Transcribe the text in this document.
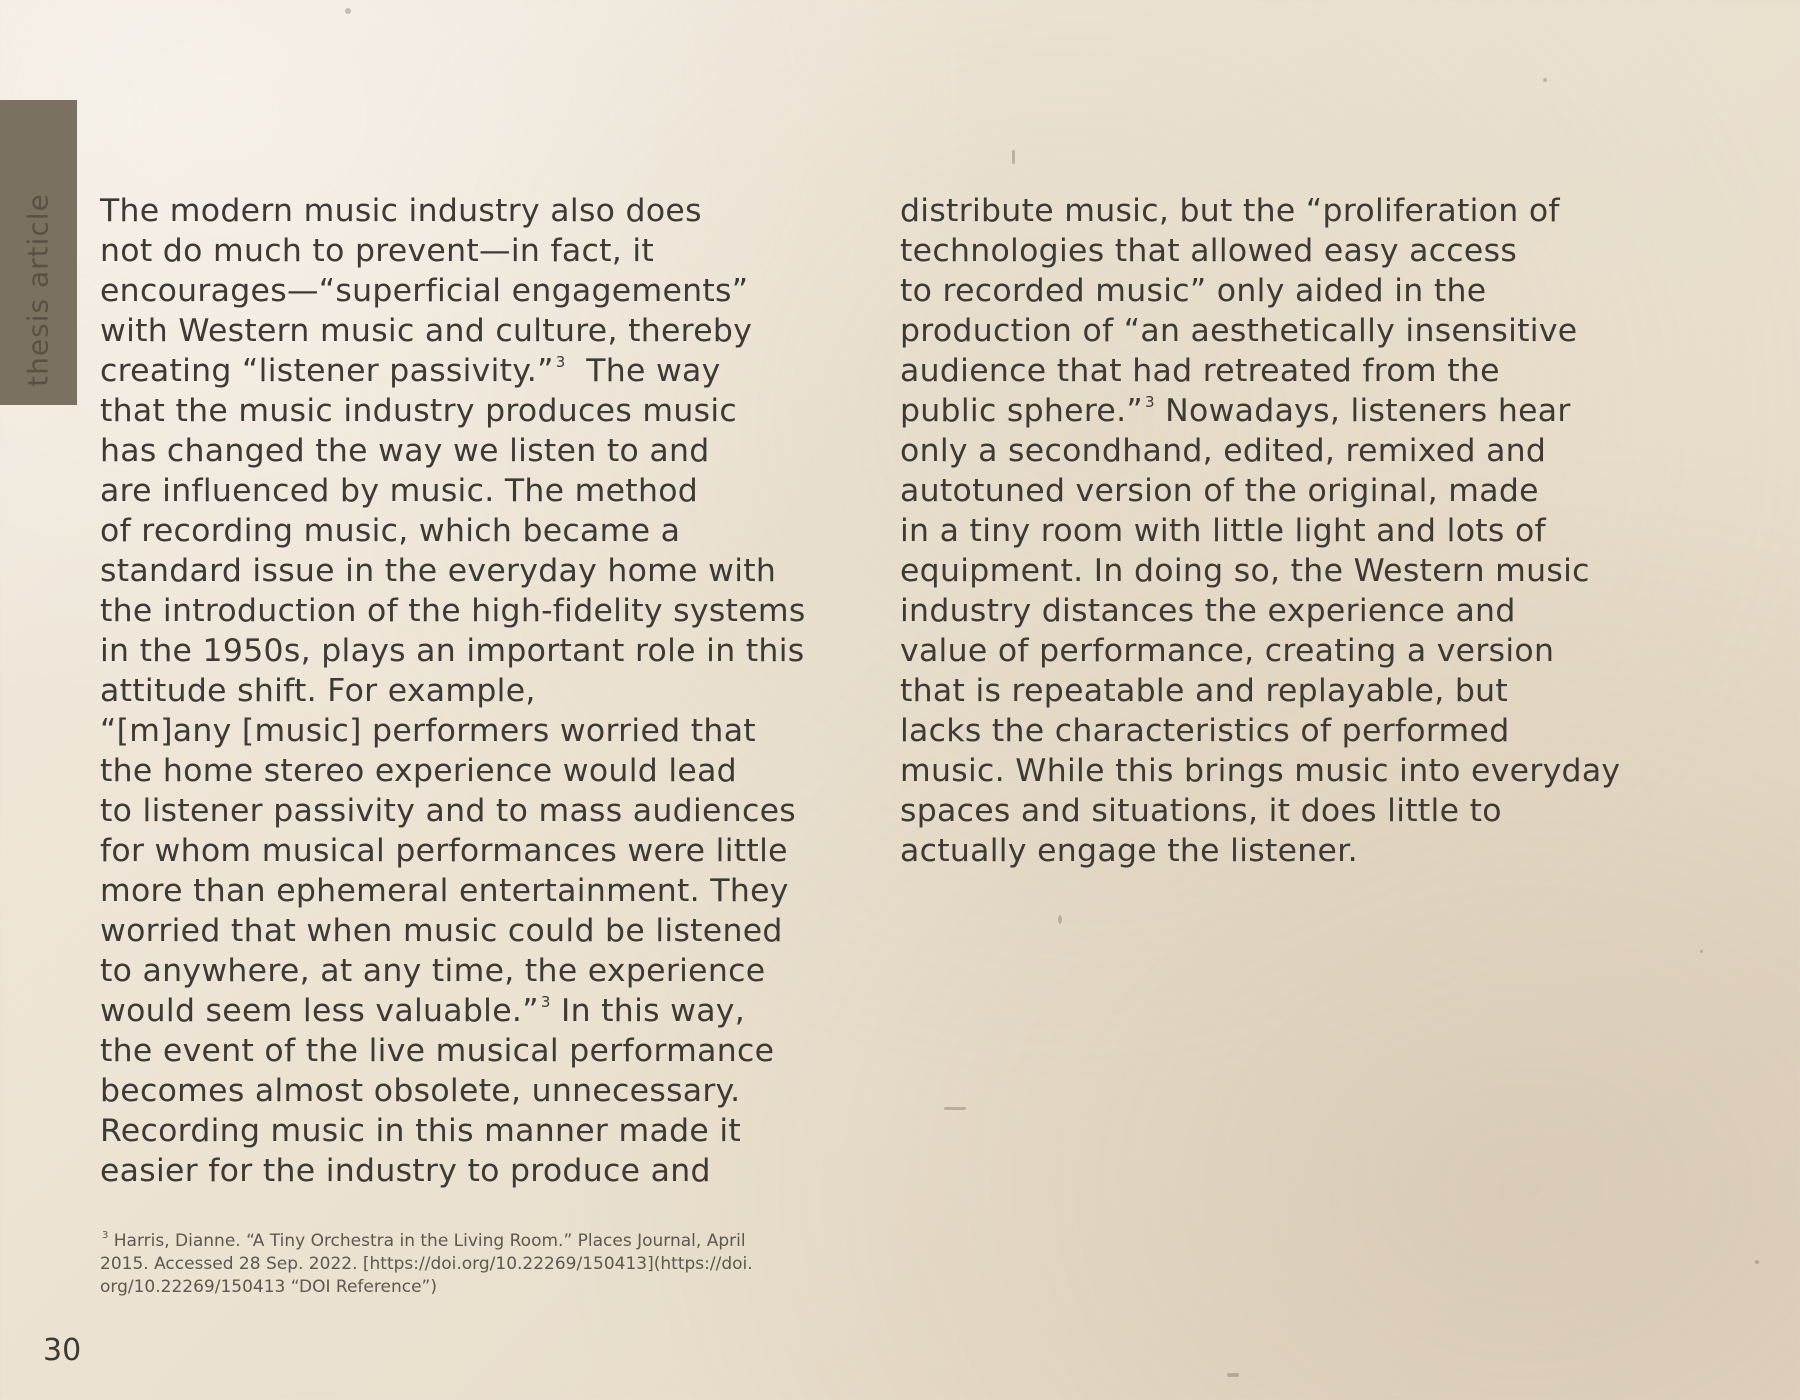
thesis article The modern music industry also does
not do much to prevent—in fact, it
encourages—“superficial engagements”
with Western music and culture, thereby
creating “listener passivity.” $^3$  The way
that the music industry produces music
has changed the way we listen to and
are influenced by music. The method
of recording music, which became a
standard issue in the everyday home with
the introduction of the high-fidelity systems
in the 1950s, plays an important role in this
attitude shift. For example,
“[m]any [music] performers worried that
the home stereo experience would lead
to listener passivity and to mass audiences
for whom musical performances were little
more than ephemeral entertainment. They
worried that when music could be listened
to anywhere, at any time, the experience
would seem less valuable.” $^3$ In this way,
the event of the live musical performance
becomes almost obsolete, unnecessary.
Recording music in this manner made it
easier for the industry to produce and
distribute music, but the “proliferation of
technologies that allowed easy access
to recorded music” only aided in the
production of “an aesthetically insensitive
audience that had retreated from the
public sphere.” $^3$ Nowadays, listeners hear
only a secondhand, edited, remixed and
autotuned version of the original, made
in a tiny room with little light and lots of
equipment. In doing so, the Western music
industry distances the experience and
value of performance, creating a version
that is repeatable and replayable, but
lacks the characteristics of performed
music. While this brings music into everyday
spaces and situations, it does little to
actually engage the listener.
$^3$ Harris, Dianne. “A Tiny Orchestra in the Living Room.” Places Journal, April
2015. Accessed 28 Sep. 2022. [https://doi.org/10.22269/150413](https://doi.
org/10.22269/150413 “DOI Reference”)
30
